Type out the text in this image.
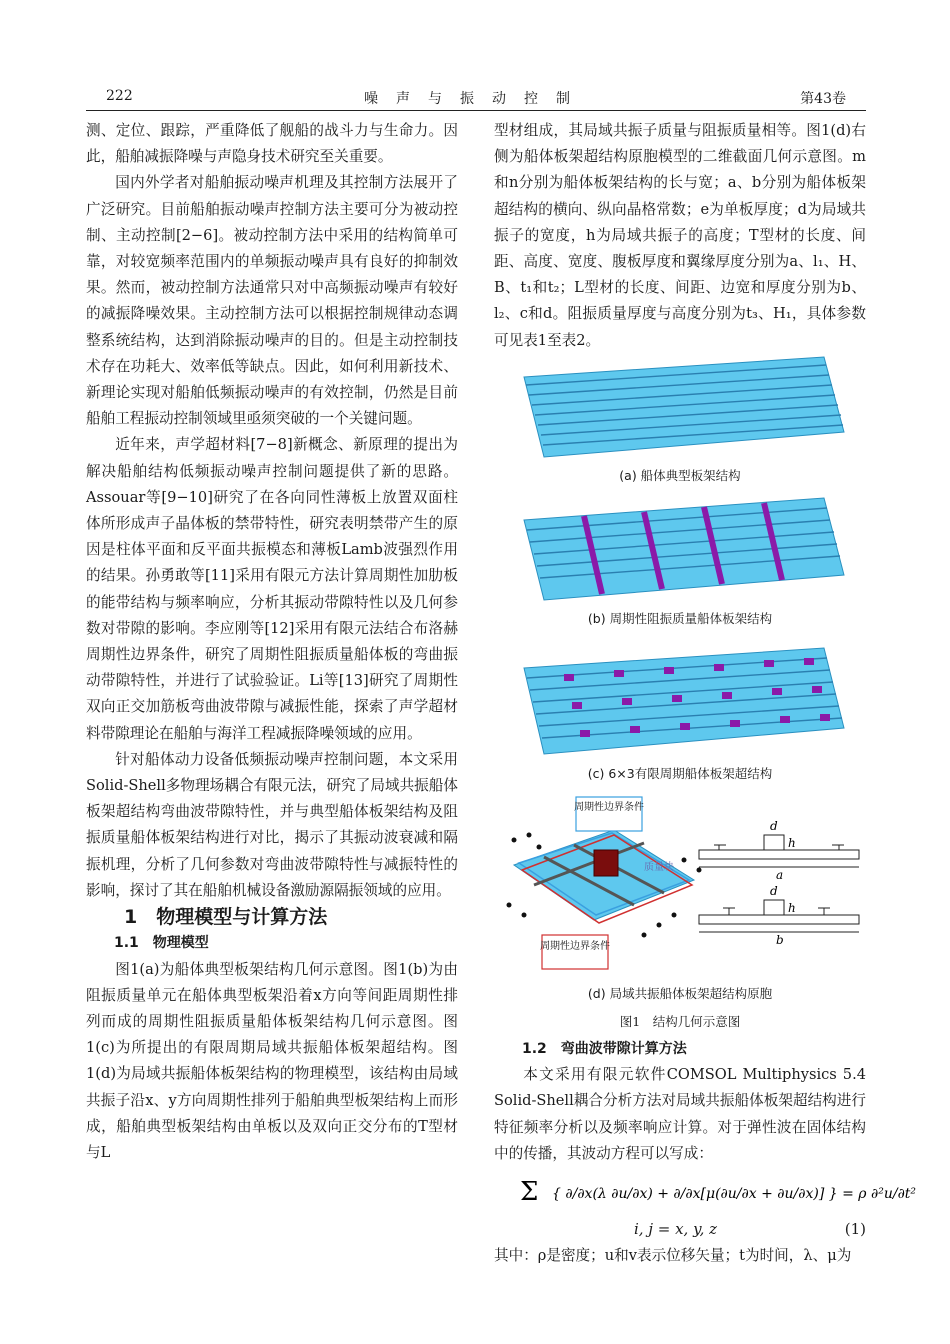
222	噪声与振动控制	第43卷

测、定位、跟踪，严重降低了舰船的战斗力与生命力。因此，船舶减振降噪与声隐身技术研究至关重要。

国内外学者对船舶振动噪声机理及其控制方法展开了广泛研究。目前船舶振动噪声控制方法主要可分为被动控制、主动控制[2−6]。被动控制方法中采用的结构简单可靠，对较宽频率范围内的单频振动噪声具有良好的抑制效果。然而，被动控制方法通常只对中高频振动噪声有较好的减振降噪效果。主动控制方法可以根据控制规律动态调整系统结构，达到消除振动噪声的目的。但是主动控制技术存在功耗大、效率低等缺点。因此，如何利用新技术、新理论实现对船舶低频振动噪声的有效控制，仍然是目前船舶工程振动控制领域里亟须突破的一个关键问题。

近年来，声学超材料[7−8]新概念、新原理的提出为解决船舶结构低频振动噪声控制问题提供了新的思路。Assouar等[9−10]研究了在各向同性薄板上放置双面柱体所形成声子晶体板的禁带特性，研究表明禁带产生的原因是柱体平面和反平面共振模态和薄板Lamb波强烈作用的结果。孙勇敢等[11]采用有限元方法计算周期性加肋板的能带结构与频率响应，分析其振动带隙特性以及几何参数对带隙的影响。李应刚等[12]采用有限元法结合布洛赫周期性边界条件，研究了周期性阻振质量船体板的弯曲振动带隙特性，并进行了试验验证。Li等[13]研究了周期性双向正交加筋板弯曲波带隙与减振性能，探索了声学超材料带隙理论在船舶与海洋工程减振降噪领域的应用。

针对船体动力设备低频振动噪声控制问题，本文采用Solid-Shell多物理场耦合有限元法，研究了局域共振船体板架超结构弯曲波带隙特性，并与典型船体板架结构及阻振质量船体板架结构进行对比，揭示了其振动波衰减和隔振机理，分析了几何参数对弯曲波带隙特性与减振特性的影响，探讨了其在船舶机械设备激励源隔振领域的应用。

1　物理模型与计算方法

1.1　物理模型

图1(a)为船体典型板架结构几何示意图。图1(b)为由阻振质量单元在船体典型板架沿着x方向等间距周期性排列而成的周期性阻振质量船体板架结构几何示意图。图1(c)为所提出的有限周期局域共振船体板架超结构。图1(d)为局域共振船体板架结构的物理模型，该结构由局域共振子沿x、y方向周期性排列于船舶典型板架结构上而形成，船舶典型板架结构由单板以及双向正交分布的T型材与L

型材组成，其局域共振子质量与阻振质量相等。图1(d)右侧为船体板架超结构原胞模型的二维截面几何示意图。m和n分别为船体板架结构的长与宽；a、b分别为船体板架超结构的横向、纵向晶格常数；e为单板厚度；d为局域共振子的宽度，h为局域共振子的高度；T型材的长度、间距、高度、宽度、腹板厚度和翼缘厚度分别为a、l₁、H、B、t₁和t₂；L型材的长度、间距、边宽和厚度分别为b、l₂、c和d。阻振质量厚度与高度分别为t₃、H₁，具体参数可见表1至表2。

(a) 船体典型板架结构
(b) 周期性阻振质量船体板架结构
(c) 6×3有限周期船体板架超结构
周期性边界条件
周期性边界条件
质量块
d
h
a
d
h
b
(d) 局域共振船体板架超结构原胞
图1　结构几何示意图

1.2　弯曲波带隙计算方法

本文采用有限元软件COMSOL Multiphysics 5.4 Solid-Shell耦合分析方法对局域共振船体板架超结构进行特征频率分析以及频率响应计算。对于弹性波在固体结构中的传播，其波动方程可以写成：

Σ { ∂/∂x(λ ∂u/∂x) + ∂/∂x[μ(∂u/∂x + ∂u/∂x)] } = ρ ∂²u/∂t²
i, j = x, y, z	(1)

其中：ρ是密度；u和v表示位移矢量；t为时间，λ、μ为
